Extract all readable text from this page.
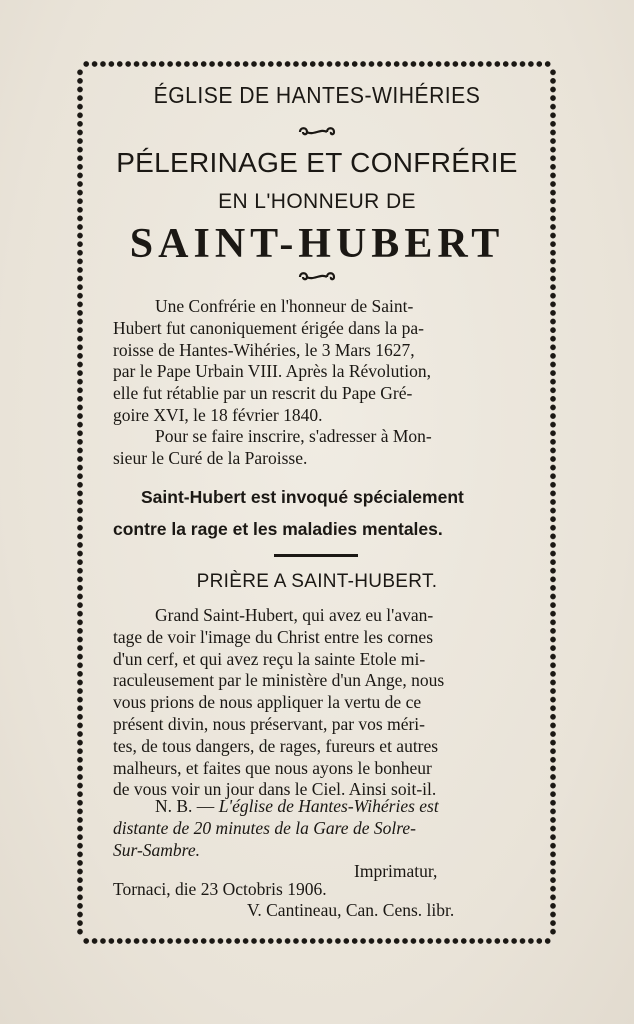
ÉGLISE DE HANTES-WIHÉRIES
PÉLERINAGE ET CONFRÉRIE
EN L'HONNEUR DE
SAINT-HUBERT
Une Confrérie en l'honneur de Saint-
Hubert fut canoniquement érigée dans la pa-
roisse de Hantes-Wihéries, le 3 Mars 1627,
par le Pape Urbain VIII. Après la Révolution,
elle fut rétablie par un rescrit du Pape Gré-
goire XVI, le 18 février 1840.
Pour se faire inscrire, s'adresser à Mon-
sieur le Curé de la Paroisse.
Saint-Hubert est invoqué spécialement
contre la rage et les maladies mentales.
PRIÈRE A SAINT-HUBERT.
Grand Saint-Hubert, qui avez eu l'avan-
tage de voir l'image du Christ entre les cornes
d'un cerf, et qui avez reçu la sainte Etole mi-
raculeusement par le ministère d'un Ange, nous
vous prions de nous appliquer la vertu de ce
présent divin, nous préservant, par vos méri-
tes, de tous dangers, de rages, fureurs et autres
malheurs, et faites que nous ayons le bonheur
de vous voir un jour dans le Ciel. Ainsi soit-il.
N. B. — L'église de Hantes-Wihéries est
distante de 20 minutes de la Gare de Solre-
Sur-Sambre.
Imprimatur,
Tornaci, die 23 Octobris 1906.
V. Cantineau, Can. Cens. libr.
